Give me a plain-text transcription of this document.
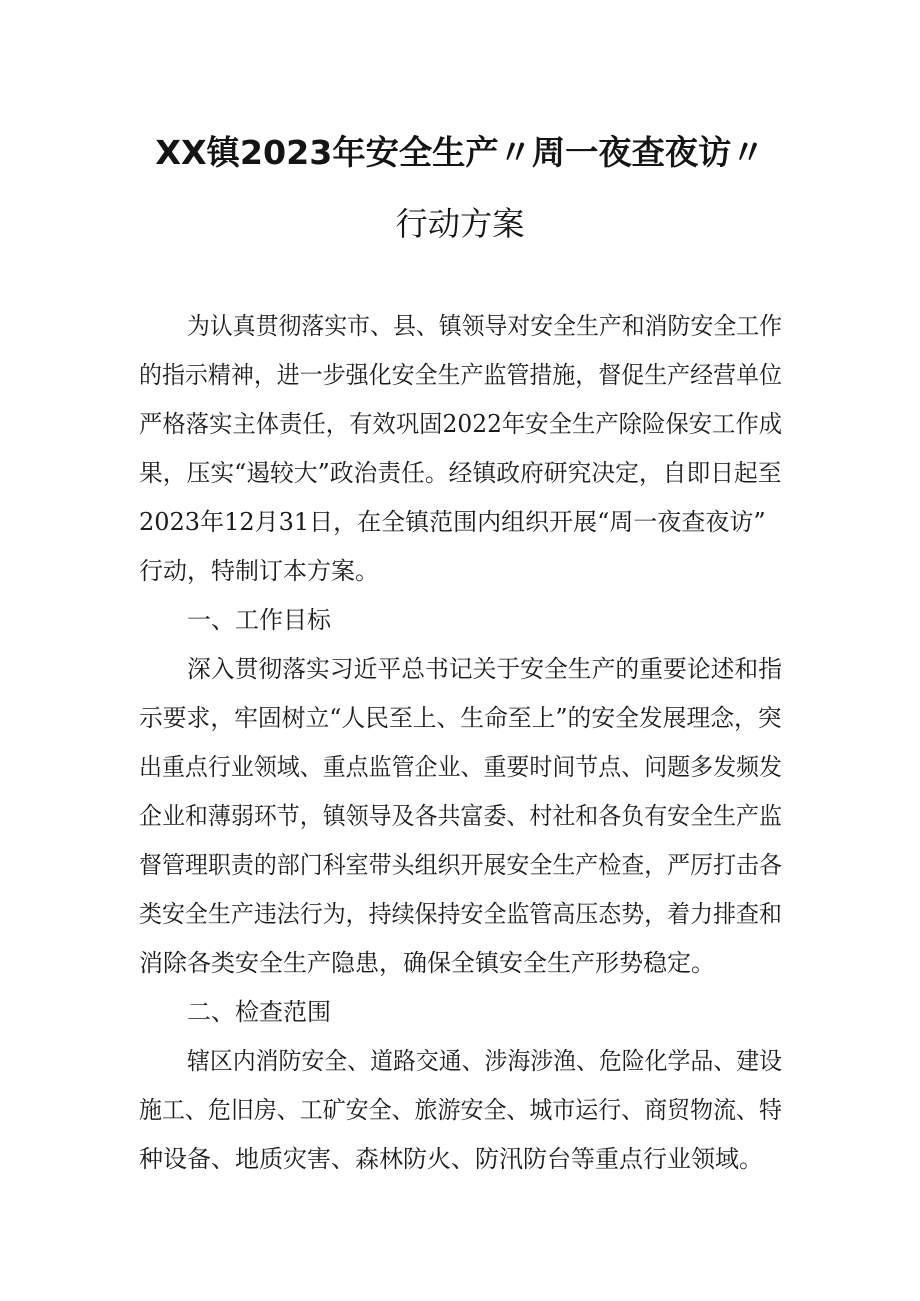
XX镇2023年安全生产〃周一夜查夜访〃
行动方案
为认真贯彻落实市、县、镇领导对安全生产和消防安全工作
的指示精神，进一步强化安全生产监管措施，督促生产经营单位
严格落实主体责任，有效巩固2022年安全生产除险保安工作成
果，压实“遏较大”政治责任。经镇政府研究决定，自即日起至
2023年12月31日，在全镇范围内组织开展“周一夜查夜访”
行动，特制订本方案。
一、工作目标
深入贯彻落实习近平总书记关于安全生产的重要论述和指
示要求，牢固树立“人民至上、生命至上”的安全发展理念，突
出重点行业领域、重点监管企业、重要时间节点、问题多发频发
企业和薄弱环节，镇领导及各共富委、村社和各负有安全生产监
督管理职责的部门科室带头组织开展安全生产检查，严厉打击各
类安全生产违法行为，持续保持安全监管高压态势，着力排查和
消除各类安全生产隐患，确保全镇安全生产形势稳定。
二、检查范围
辖区内消防安全、道路交通、涉海涉渔、危险化学品、建设
施工、危旧房、工矿安全、旅游安全、城市运行、商贸物流、特
种设备、地质灾害、森林防火、防汛防台等重点行业领域。
